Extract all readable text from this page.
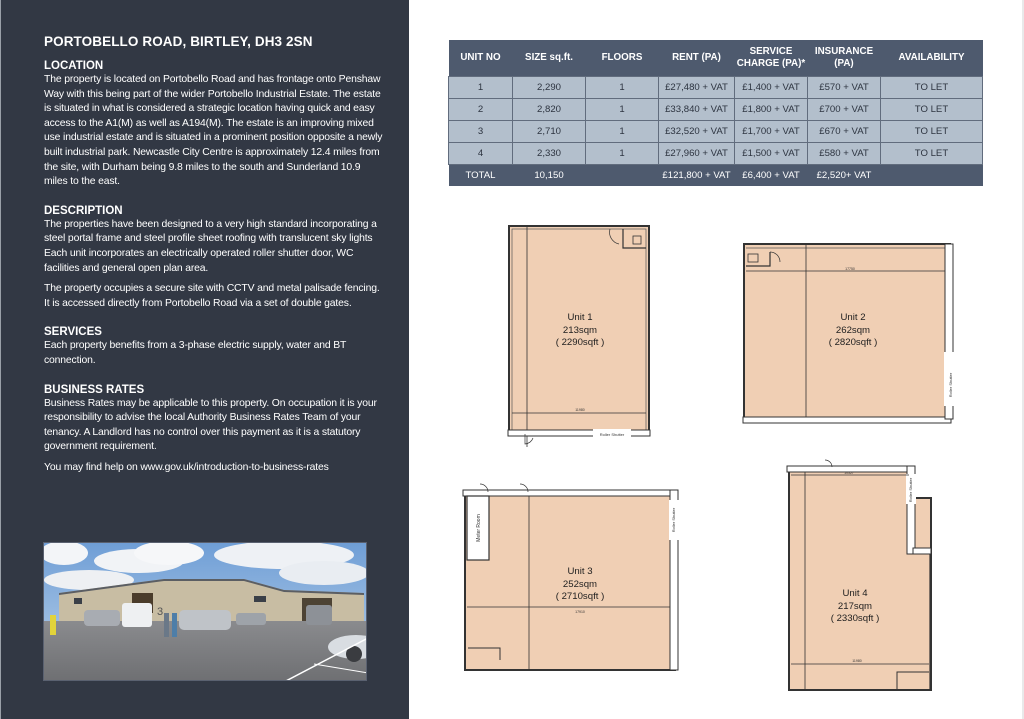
PORTOBELLO ROAD, BIRTLEY, DH3 2SN
LOCATION
The property is located on Portobello Road and has frontage onto Penshaw Way with this being part of the wider Portobello Industrial Estate. The estate is situated in what is considered a strategic location having quick and easy access to the A1(M) as well as A194(M). The estate is an improving mixed use industrial estate and is situated in a prominent position opposite a newly built industrial park. Newcastle City Centre is approximately 12.4 miles from the site, with Durham being 9.8 miles to the south and Sunderland 10.9 miles to the east.
DESCRIPTION
The properties have been designed to a very high standard incorporating a steel portal frame and steel profile sheet roofing with translucent sky lights Each unit incorporates an electrically operated roller shutter door, WC facilities and general open plan area.
The property occupies a secure site with CCTV and metal palisade fencing. It is accessed directly from Portobello Road via a set of double gates.
SERVICES
Each property benefits from a 3-phase electric supply, water and BT connection.
BUSINESS RATES
Business Rates may be applicable to this property. On occupation it is your responsibility to advise the local Authority Business Rates Team of your tenancy. A Landlord has no control over this payment as it is a statutory government requirement.
You may find help on www.gov.uk/introduction-to-business-rates
3
UNIT NO	SIZE sq.ft.	FLOORS	RENT (PA)	SERVICE CHARGE (PA)*	INSURANCE (PA)	AVAILABILITY
1	2,290	1	£27,480 + VAT	£1,400 + VAT	£570 + VAT	TO LET
2	2,820	1	£33,840 + VAT	£1,800 + VAT	£700 + VAT	TO LET
3	2,710	1	£32,520 + VAT	£1,700 + VAT	£670 + VAT	TO LET
4	2,330	1	£27,960 + VAT	£1,500 + VAT	£580 + VAT	TO LET
TOTAL	10,150		£121,800 + VAT	£6,400 + VAT	£2,520+ VAT	
Roller Shutter
11980
Unit 1
213sqm
( 2290sqft )
Roller Shutter
17750
Unit 2
262sqm
( 2820sqft )
Roller Shutter
Meter Room
17910
Unit 3
252sqm
( 2710sqft )
Roller Shutter
10327
11980
Unit 4
217sqm
( 2330sqft )
